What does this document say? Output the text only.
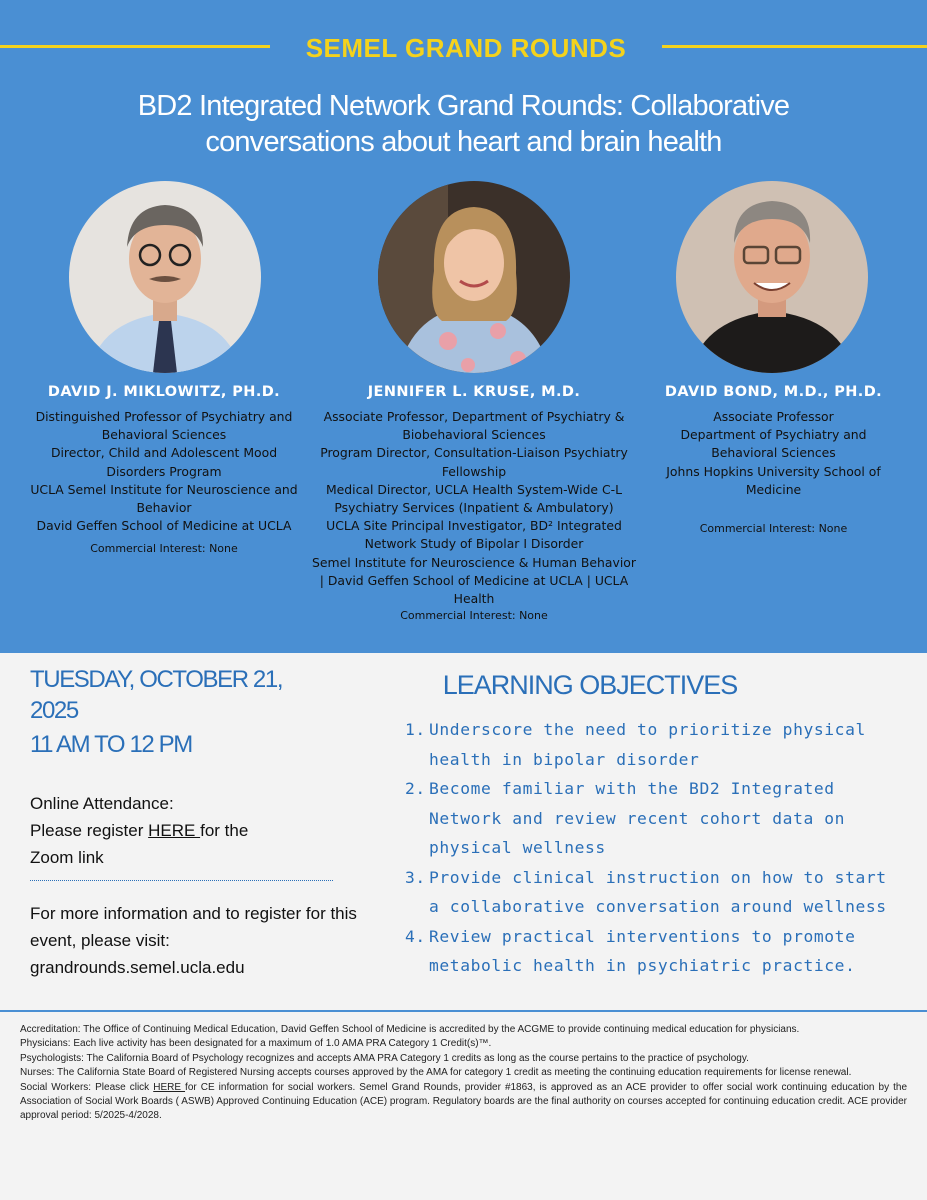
SEMEL GRAND ROUNDS
BD2 Integrated Network Grand Rounds: Collaborative
conversations about heart and brain health
DAVID J. MIKLOWITZ, PH.D.
Distinguished Professor of Psychiatry and
Behavioral Sciences
Director, Child and Adolescent Mood
Disorders Program
UCLA Semel Institute for Neuroscience and
Behavior
David Geffen School of Medicine at UCLA
Commercial Interest: None
JENNIFER L. KRUSE, M.D.
Associate Professor, Department of Psychiatry &
Biobehavioral Sciences
Program Director, Consultation-Liaison Psychiatry
Fellowship
Medical Director, UCLA Health System-Wide C-L
Psychiatry Services (Inpatient & Ambulatory)
UCLA Site Principal Investigator, BD² Integrated
Network Study of Bipolar I Disorder
Semel Institute for Neuroscience & Human Behavior
| David Geffen School of Medicine at UCLA | UCLA
Health
Commercial Interest: None
DAVID BOND, M.D., PH.D.
Associate Professor
Department of Psychiatry and
Behavioral Sciences
Johns Hopkins University School of
Medicine
Commercial Interest: None
TUESDAY, OCTOBER 21, 2025
11 AM TO 12 PM
Online Attendance:
Please register HERE for the
Zoom link
For more information and to register for this event, please visit:
grandrounds.semel.ucla.edu
LEARNING OBJECTIVES
1. Underscore the need to prioritize physical health in bipolar disorder
2. Become familiar with the BD2 Integrated Network and review recent cohort data on physical wellness
3. Provide clinical instruction on how to start a collaborative conversation around wellness
4. Review practical interventions to promote metabolic health in psychiatric practice.

Accreditation: The Office of Continuing Medical Education, David Geffen School of Medicine is accredited by the ACGME to provide continuing medical education for physicians.

Physicians: Each live activity has been designated for a maximum of 1.0 AMA PRA Category 1 Credit(s)™.

Psychologists: The California Board of Psychology recognizes and accepts AMA PRA Category 1 credits as long as the course pertains to the practice of psychology.

Nurses: The California State Board of Registered Nursing accepts courses approved by the AMA for category 1 credit as meeting the continuing education requirements for license renewal.

Social Workers: Please click HERE for CE information for social workers. Semel Grand Rounds, provider #1863, is approved as an ACE provider to offer social work continuing education by the Association of Social Work Boards ( ASWB) Approved Continuing Education (ACE) program. Regulatory boards are the final authority on courses accepted for continuing education credit. ACE provider approval period: 5/2025-4/2028.
